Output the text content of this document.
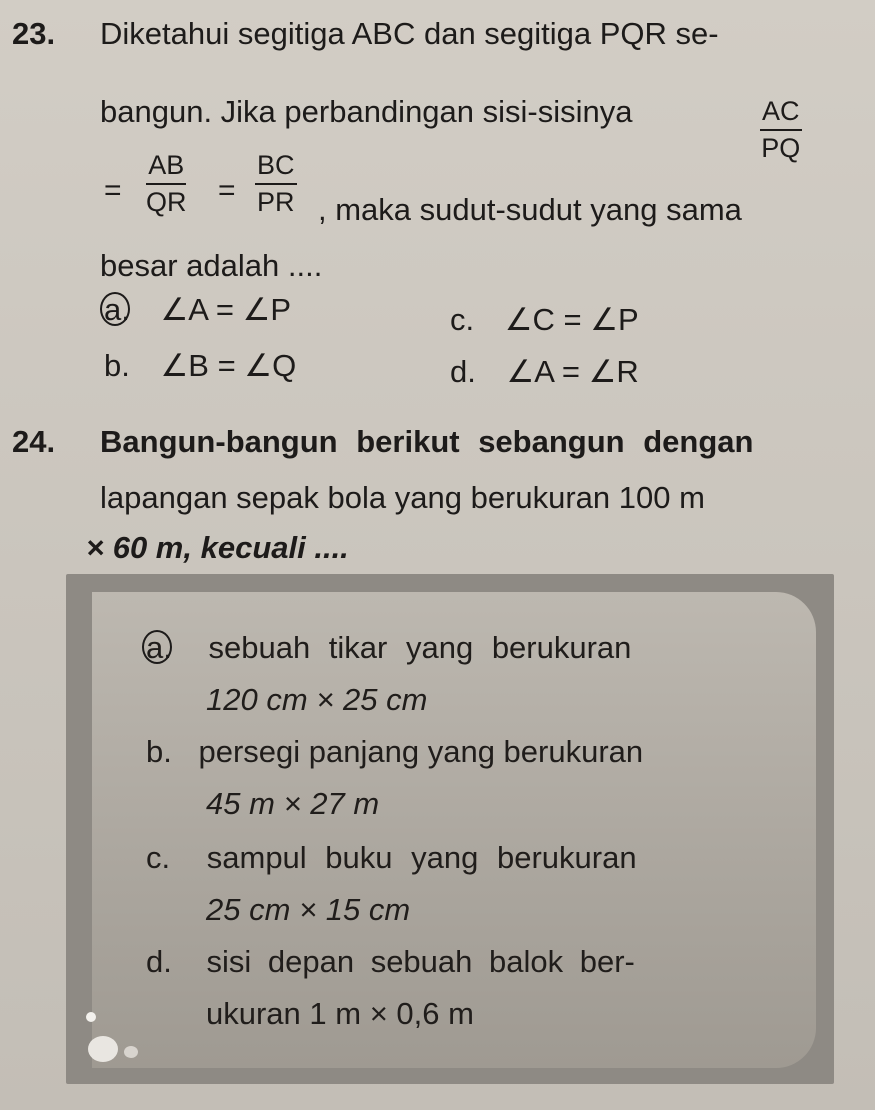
23. Diketahui segitiga ABC dan segitiga PQR se-
bangun. Jika perbandingan sisi-sisinya	$\frac{AC}{PQ}$
= $\frac{AB}{QR} = \frac{BC}{PR}$ , maka sudut-sudut yang sama
besar adalah ....
a. ∠A = ∠P
b. ∠B = ∠Q
c. ∠C = ∠P
d. ∠A = ∠R
24. Bangun-bangun berikut sebangun dengan
lapangan sepak bola yang berukuran 100 m
× 60 m, kecuali ....
a. sebuah tikar yang berukuran
120 cm × 25 cm
b. persegi panjang yang berukuran
45 m × 27 m
c. sampul buku yang berukuran
25 cm × 15 cm
d. sisi depan sebuah balok ber-
ukuran 1 m × 0,6 m
